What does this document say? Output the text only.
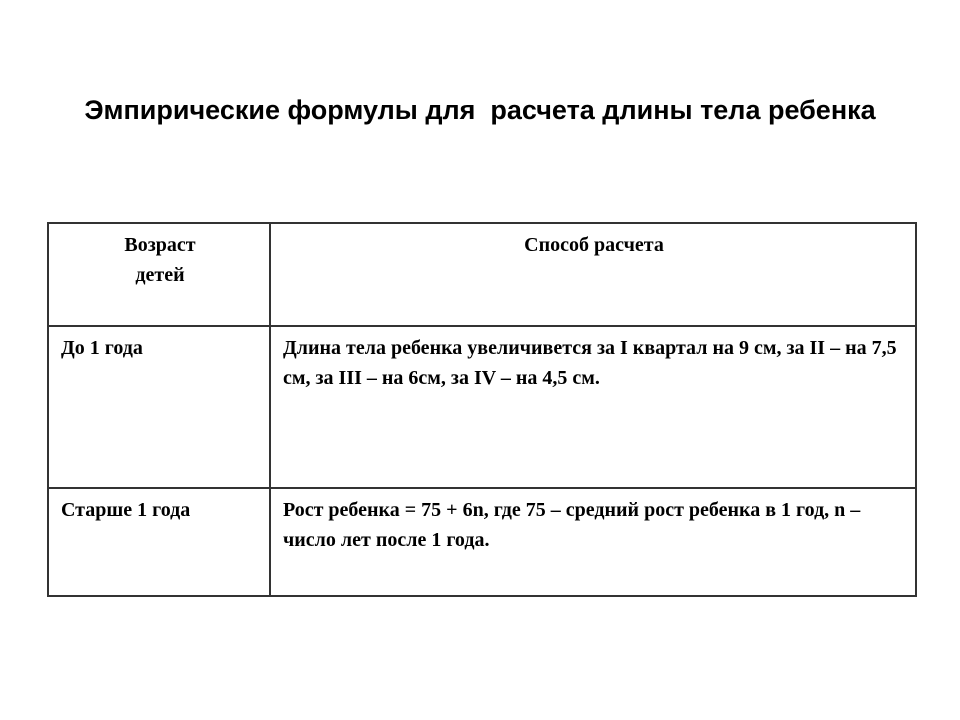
Эмпирические формулы для  расчета длины тела ребенка
Возраст
детей	Способ расчета
До 1 года	Длина тела ребенка увеличивется за I квартал на 9 см, за II – на 7,5 см, за III – на 6см, за IV – на 4,5 см.
Старше 1 года	Рост ребенка = 75 + 6n, где 75 – средний рост ребенка в 1 год, n – число лет после 1 года.
